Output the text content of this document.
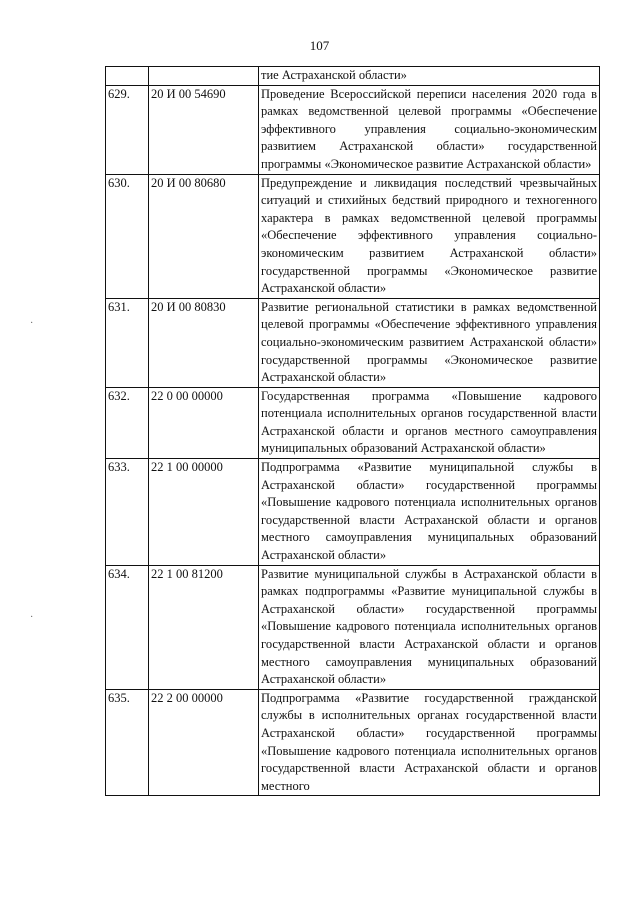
107
·
·
		тие Астраханской области»
629.	20 И 00 54690	Проведение Всероссийской переписи населения 2020 года в рамках ведомственной целевой программы «Обеспечение эффективного управления социально-экономическим развитием Астраханской области» государственной программы «Экономическое развитие Астраханской области»
630.	20 И 00 80680	Предупреждение и ликвидация последствий чрезвычайных ситуаций и стихийных бедствий природного и техногенного характера в рамках ведомственной целевой программы «Обеспечение эффективного управления социально-экономическим развитием Астраханской области» государственной программы «Экономическое развитие Астраханской области»
631.	20 И 00 80830	Развитие региональной статистики в рамках ведомственной целевой программы «Обеспечение эффективного управления социально-экономическим развитием Астраханской области» государственной программы «Экономическое развитие Астраханской области»
632.	22 0 00 00000	Государственная программа «Повышение кадрового потенциала исполнительных органов государственной власти Астраханской области и органов местного самоуправления муниципальных образований Астраханской области»
633.	22 1 00 00000	Подпрограмма «Развитие муниципальной службы в Астраханской области» государственной программы «Повышение кадрового потенциала исполнительных органов государственной власти Астраханской области и органов местного самоуправления муниципальных образований Астраханской области»
634.	22 1 00 81200	Развитие муниципальной службы в Астраханской области в рамках подпрограммы «Развитие муниципальной службы в Астраханской области» государственной программы «Повышение кадрового потенциала исполнительных органов государственной власти Астраханской области и органов местного самоуправления муниципальных образований Астраханской области»
635.	22 2 00 00000	Подпрограмма «Развитие государственной гражданской службы в исполнительных органах государственной власти Астраханской области» государственной программы «Повышение кадрового потенциала исполнительных органов государственной власти Астраханской области и органов местного
